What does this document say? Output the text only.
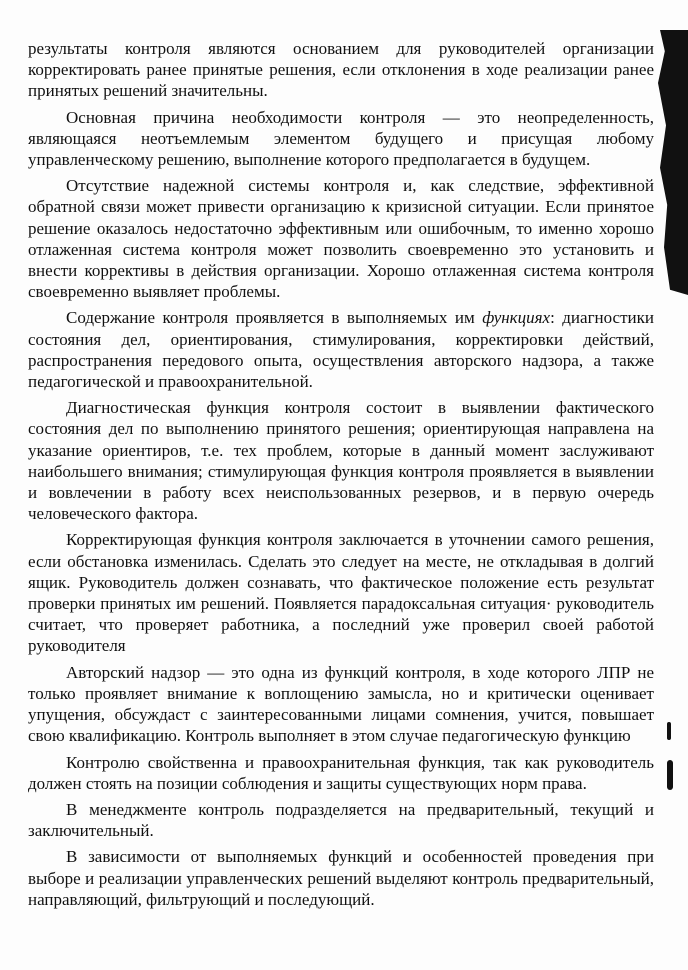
результаты контроля являются основанием для руководителей организации корректировать ранее принятые решения, если отклонения в ходе реализации ранее принятых решений значительны.

Основная причина необходимости контроля — это неопределенность, являющаяся неотъемлемым элементом будущего и присущая любому управленческому решению, выполнение которого предполагается в будущем.

Отсутствие надежной системы контроля и, как следствие, эффективной обратной связи может привести организацию к кризисной ситуации. Если принятое решение оказалось недостаточно эффективным или ошибочным, то именно хорошо отлаженная система контроля может позволить своевременно это установить и внести коррективы в действия организации. Хорошо отлаженная система контроля своевременно выявляет проблемы.

Содержание контроля проявляется в выполняемых им функциях: диагностики состояния дел, ориентирования, стимулирования, корректировки действий, распространения передового опыта, осуществления авторского надзора, а также педагогической и правоохранительной.

Диагностическая функция контроля состоит в выявлении фактического состояния дел по выполнению принятого решения; ориентирующая направлена на указание ориентиров, т.е. тех проблем, которые в данный момент заслуживают наибольшего внимания; стимулирующая функция контроля проявляется в выявлении и вовлечении в работу всех неиспользованных резервов, и в первую очередь человеческого фактора.

Корректирующая функция контроля заключается в уточнении самого решения, если обстановка изменилась. Сделать это следует на месте, не откладывая в долгий ящик. Руководитель должен сознавать, что фактическое положение есть результат проверки принятых им решений. Появляется парадоксальная ситуация· руководитель считает, что проверяет работника, а последний уже проверил своей работой руководителя

Авторский надзор — это одна из функций контроля, в ходе которого ЛПР не только проявляет внимание к воплощению замысла, но и критически оценивает упущения, обсуждаст с заинтересованными лицами сомнения, учится, повышает свою квалификацию. Контроль выполняет в этом случае педагогическую функцию

Контролю свойственна и правоохранительная функция, так как руководитель должен стоять на позиции соблюдения и защиты существующих норм права.

В менеджменте контроль подразделяется на предварительный, текущий и заключительный.

В зависимости от выполняемых функций и особенностей проведения при выборе и реализации управленческих решений выделяют контроль предварительный, направляющий, фильтрующий и последующий.
